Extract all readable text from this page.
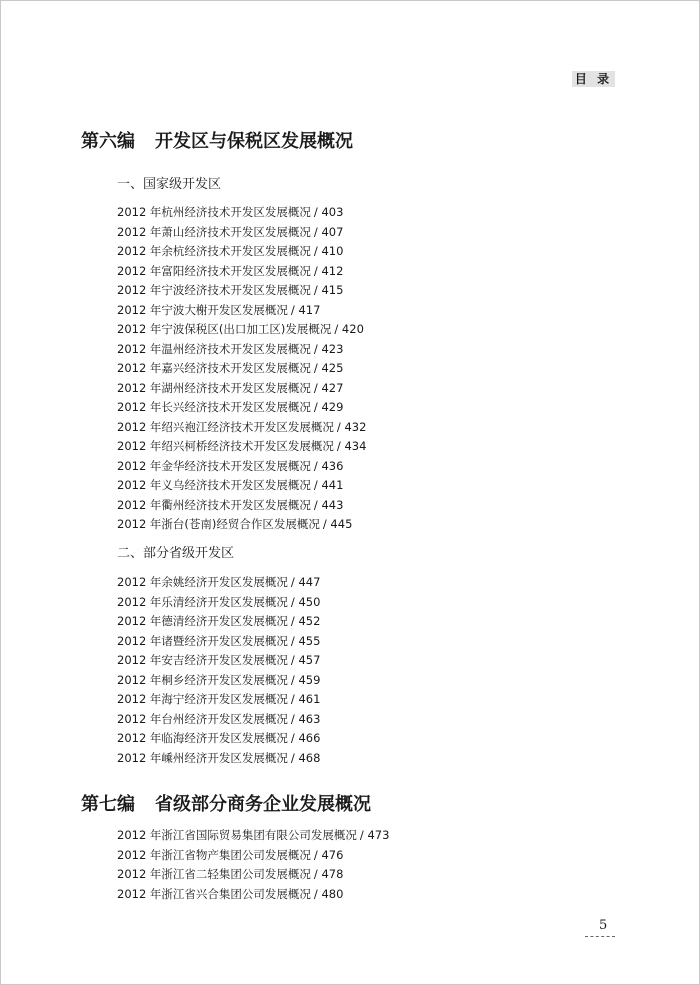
目 录
第六编 开发区与保税区发展概况
一、国家级开发区
2012 年杭州经济技术开发区发展概况 / 403
2012 年萧山经济技术开发区发展概况 / 407
2012 年余杭经济技术开发区发展概况 / 410
2012 年富阳经济技术开发区发展概况 / 412
2012 年宁波经济技术开发区发展概况 / 415
2012 年宁波大榭开发区发展概况 / 417
2012 年宁波保税区(出口加工区)发展概况 / 420
2012 年温州经济技术开发区发展概况 / 423
2012 年嘉兴经济技术开发区发展概况 / 425
2012 年湖州经济技术开发区发展概况 / 427
2012 年长兴经济技术开发区发展概况 / 429
2012 年绍兴袍江经济技术开发区发展概况 / 432
2012 年绍兴柯桥经济技术开发区发展概况 / 434
2012 年金华经济技术开发区发展概况 / 436
2012 年义乌经济技术开发区发展概况 / 441
2012 年衢州经济技术开发区发展概况 / 443
2012 年浙台(苍南)经贸合作区发展概况 / 445
二、部分省级开发区
2012 年余姚经济开发区发展概况 / 447
2012 年乐清经济开发区发展概况 / 450
2012 年德清经济开发区发展概况 / 452
2012 年诸暨经济开发区发展概况 / 455
2012 年安吉经济开发区发展概况 / 457
2012 年桐乡经济开发区发展概况 / 459
2012 年海宁经济开发区发展概况 / 461
2012 年台州经济开发区发展概况 / 463
2012 年临海经济开发区发展概况 / 466
2012 年嵊州经济开发区发展概况 / 468
第七编 省级部分商务企业发展概况
2012 年浙江省国际贸易集团有限公司发展概况 / 473
2012 年浙江省物产集团公司发展概况 / 476
2012 年浙江省二轻集团公司发展概况 / 478
2012 年浙江省兴合集团公司发展概况 / 480
5
